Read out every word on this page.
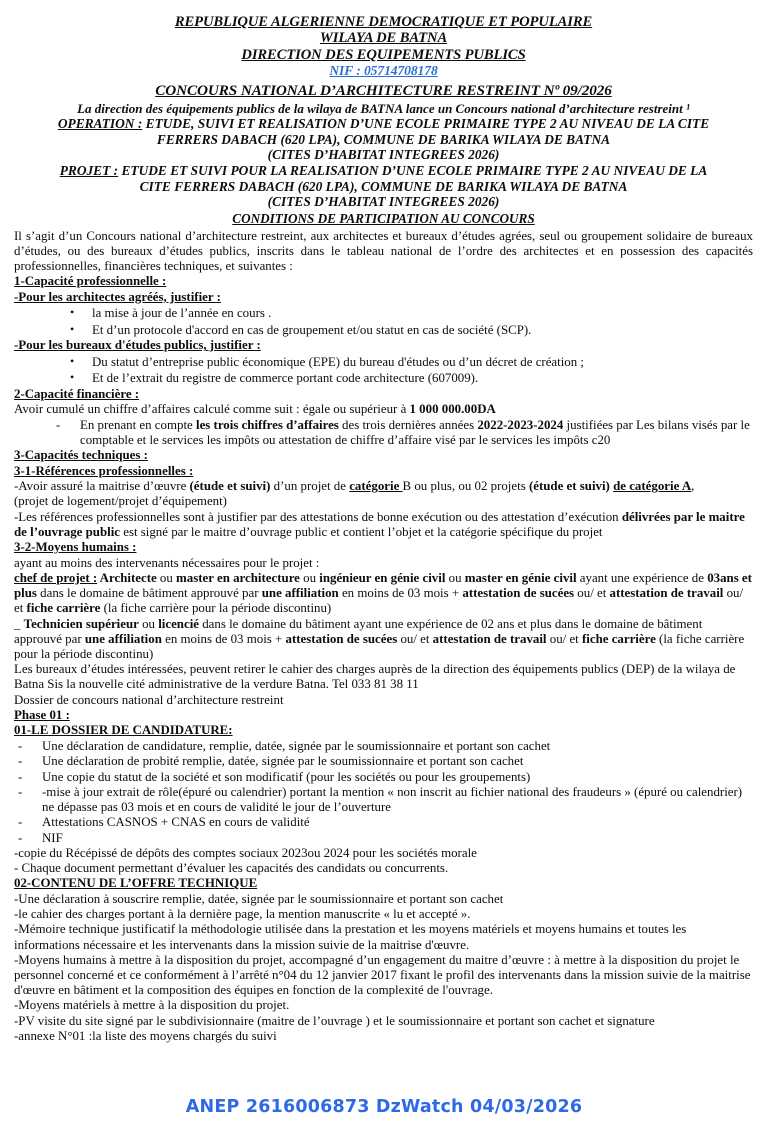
REPUBLIQUE ALGERIENNE DEMOCRATIQUE ET POPULAIRE
WILAYA DE BATNA
DIRECTION DES EQUIPEMENTS PUBLICS
NIF : 05714708178
CONCOURS NATIONAL D’ARCHITECTURE RESTREINT Nº 09/2026
La direction des équipements publics de la wilaya de BATNA lance un Concours national d’architecture restreint ¹
OPERATION : ETUDE, SUIVI ET REALISATION D’UNE ECOLE PRIMAIRE TYPE 2 AU NIVEAU DE LA CITE
FERRERS DABACH (620 LPA), COMMUNE DE BARIKA WILAYA DE BATNA
(CITES D’HABITAT INTEGREES 2026)
PROJET : ETUDE ET SUIVI POUR LA REALISATION D’UNE ECOLE PRIMAIRE TYPE 2 AU NIVEAU DE LA
CITE FERRERS DABACH (620 LPA), COMMUNE DE BARIKA WILAYA DE BATNA
(CITES D’HABITAT INTEGREES 2026)
CONDITIONS DE PARTICIPATION AU CONCOURS

Il s’agit d’un Concours national d’architecture restreint, aux architectes et bureaux d’études agrées, seul ou groupement solidaire de bureaux d’études, ou des bureaux d’études publics, inscrits dans le tableau national de l’ordre des architectes et en possession des capacités professionnelles, financières techniques, et suivantes :

1-Capacité professionnelle :

-Pour les architectes agréés, justifier :

• la mise à jour de l’année en cours .
• Et d’un protocole d'accord en cas de groupement et/ou statut en cas de société (SCP).

-Pour les bureaux d'études publics, justifier :

• Du statut d’entreprise public économique (EPE) du bureau d'études ou d’un décret de création ;
• Et de l’extrait du registre de commerce portant code architecture (607009).

2-Capacité financière :

Avoir cumulé un chiffre d’affaires calculé comme suit : égale ou supérieur à 1 000 000.00DA

- En prenant en compte les trois chiffres d’affaires des trois dernières années 2022-2023-2024 justifiées par Les bilans visés par le comptable et le services les impôts ou attestation de chiffre d’affaire visé par le services les impôts c20

3-Capacités techniques :

3-1-Références professionnelles :

-Avoir assuré la maitrise d’œuvre (étude et suivi) d’un projet de catégorie B ou plus, ou 02 projets (étude et suivi) de catégorie A,

(projet de logement/projet d’équipement)

-Les références professionnelles sont à justifier par des attestations de bonne exécution ou des attestation d’exécution délivrées par le maitre de l’ouvrage public est signé par le maitre d’ouvrage public et contient l’objet et la catégorie spécifique du projet

3-2-Moyens humains :

ayant au moins des intervenants nécessaires pour le projet :

chef de projet : Architecte ou master en architecture ou ingénieur en génie civil ou master en génie civil ayant une expérience de 03ans et plus dans le domaine de bâtiment approuvé par une affiliation en moins de 03 mois + attestation de sucées ou/ et attestation de travail ou/ et fiche carrière (la fiche carrière pour la période discontinu)

_ Technicien supérieur ou licencié dans le domaine du bâtiment ayant une expérience de 02 ans et plus dans le domaine de bâtiment approuvé par une affiliation en moins de 03 mois + attestation de sucées ou/ et attestation de travail ou/ et fiche carrière (la fiche carrière pour la période discontinu)

Les bureaux d’études intéressées, peuvent retirer le cahier des charges auprès de la direction des équipements publics (DEP) de la wilaya de Batna Sis la nouvelle cité administrative de la verdure Batna. Tel 033 81 38 11

Dossier de concours national d’architecture restreint

Phase 01 :

01-LE DOSSIER DE CANDIDATURE:

- Une déclaration de candidature, remplie, datée, signée par le soumissionnaire et portant son cachet
- Une déclaration de probité remplie, datée, signée par le soumissionnaire et portant son cachet
- Une copie du statut de la société et son modificatif (pour les sociétés ou pour les groupements)
- -mise à jour extrait de rôle(épuré ou calendrier) portant la mention « non inscrit au fichier national des fraudeurs » (épuré ou calendrier) ne dépasse pas 03 mois et en cours de validité le jour de l’ouverture
- Attestations CASNOS + CNAS en cours de validité
- NIF

-copie du Récépissé de dépôts des comptes sociaux 2023ou 2024 pour les sociétés morale

- Chaque document permettant d’évaluer les capacités des candidats ou concurrents.

02-CONTENU DE L’OFFRE TECHNIQUE

-Une déclaration à souscrire remplie, datée, signée par le soumissionnaire et portant son cachet

-le cahier des charges portant à la dernière page, la mention manuscrite « lu et accepté ».

-Mémoire technique justificatif la méthodologie utilisée dans la prestation et les moyens matériels et moyens humains et toutes les informations nécessaire et les intervenants dans la mission suivie de la maitrise d'œuvre.

-Moyens humains à mettre à la disposition du projet, accompagné d’un engagement du maitre d’œuvre : à mettre à la disposition du projet le personnel concerné et ce conformément à l’arrêté n°04 du 12 janvier 2017 fixant le profil des intervenants dans la mission suivie de la maitrise d'œuvre en bâtiment et la composition des équipes en fonction de la complexité de l'ouvrage.

-Moyens matériels à mettre à la disposition du projet.

-PV visite du site signé par le subdivisionnaire (maitre de l’ouvrage ) et le soumissionnaire et portant son cachet et signature

-annexe N°01 :la liste des moyens chargés du suivi

ANEP 2616006873 DzWatch 04/03/2026
